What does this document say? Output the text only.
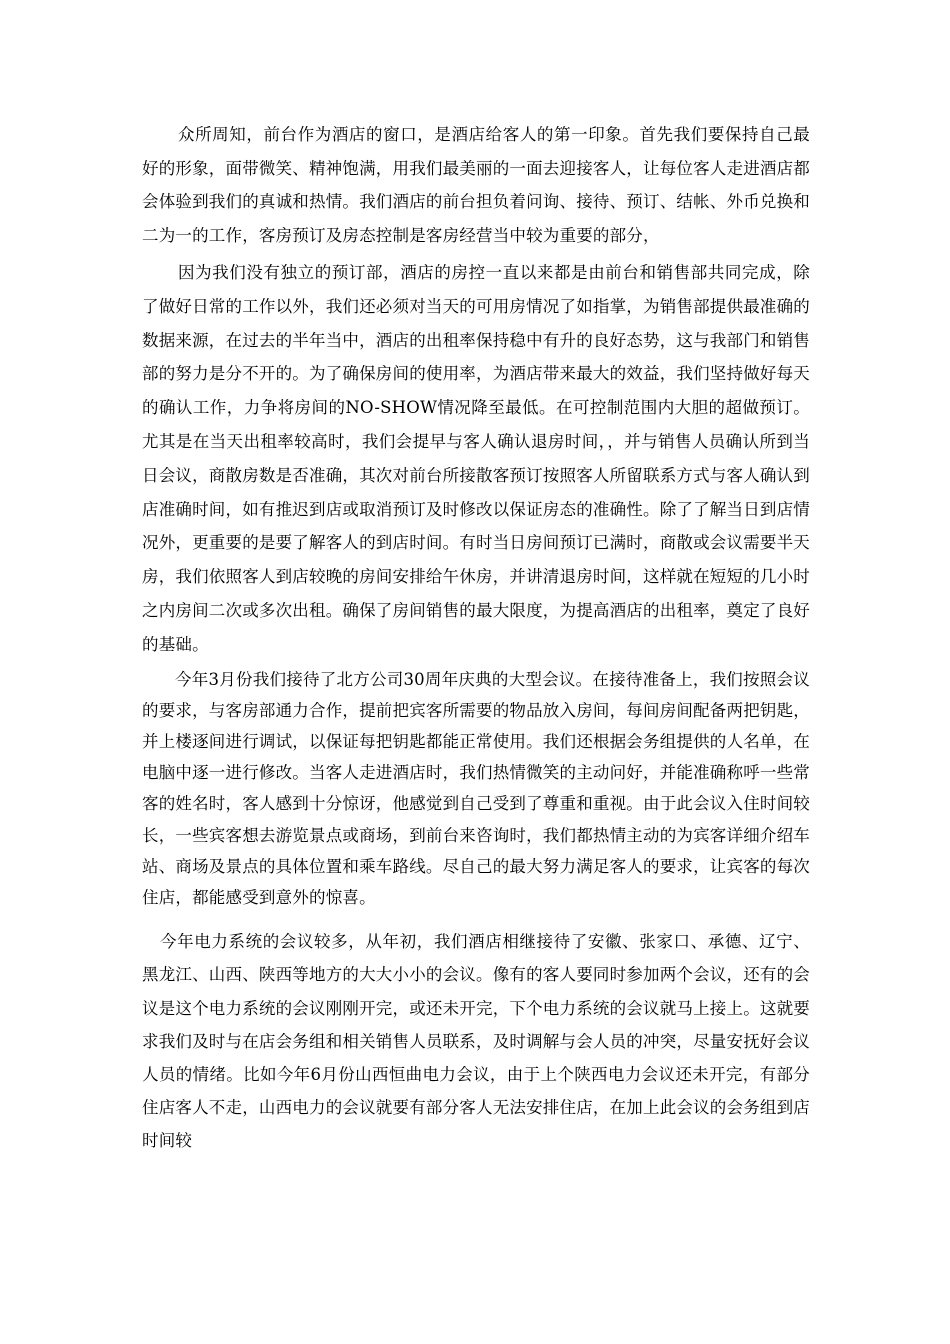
众所周知，前台作为酒店的窗口，是酒店给客人的第一印象。首先我们要保持自己最好的形象，面带微笑、精神饱满，用我们最美丽的一面去迎接客人，让每位客人走进酒店都会体验到我们的真诚和热情。我们酒店的前台担负着问询、接待、预订、结帐、外币兑换和二为一的工作，客房预订及房态控制是客房经营当中较为重要的部分，

因为我们没有独立的预订部，酒店的房控一直以来都是由前台和销售部共同完成，除了做好日常的工作以外，我们还必须对当天的可用房情况了如指掌，为销售部提供最准确的数据来源，在过去的半年当中，酒店的出租率保持稳中有升的良好态势，这与我部门和销售部的努力是分不开的。为了确保房间的使用率，为酒店带来最大的效益，我们坚持做好每天的确认工作，力争将房间的NO-SHOW情况降至最低。在可控制范围内大胆的超做预订。尤其是在当天出租率较高时，我们会提早与客人确认退房时间，，并与销售人员确认所到当日会议，商散房数是否准确，其次对前台所接散客预订按照客人所留联系方式与客人确认到店准确时间，如有推迟到店或取消预订及时修改以保证房态的准确性。除了了解当日到店情况外，更重要的是要了解客人的到店时间。有时当日房间预订已满时，商散或会议需要半天房，我们依照客人到店较晚的房间安排给午休房，并讲清退房时间，这样就在短短的几小时之内房间二次或多次出租。确保了房间销售的最大限度，为提高酒店的出租率，奠定了良好的基础。

今年3月份我们接待了北方公司30周年庆典的大型会议。在接待准备上，我们按照会议的要求，与客房部通力合作，提前把宾客所需要的物品放入房间，每间房间配备两把钥匙，并上楼逐间进行调试，以保证每把钥匙都能正常使用。我们还根据会务组提供的人名单，在电脑中逐一进行修改。当客人走进酒店时，我们热情微笑的主动问好，并能准确称呼一些常客的姓名时，客人感到十分惊讶，他感觉到自己受到了尊重和重视。由于此会议入住时间较长，一些宾客想去游览景点或商场，到前台来咨询时，我们都热情主动的为宾客详细介绍车站、商场及景点的具体位置和乘车路线。尽自己的最大努力满足客人的要求，让宾客的每次住店，都能感受到意外的惊喜。

今年电力系统的会议较多，从年初，我们酒店相继接待了安徽、张家口、承德、辽宁、黑龙江、山西、陕西等地方的大大小小的会议。像有的客人要同时参加两个会议，还有的会议是这个电力系统的会议刚刚开完，或还未开完，下个电力系统的会议就马上接上。这就要求我们及时与在店会务组和相关销售人员联系，及时调解与会人员的冲突，尽量安抚好会议人员的情绪。比如今年6月份山西恒曲电力会议，由于上个陕西电力会议还未开完，有部分住店客人不走，山西电力的会议就要有部分客人无法安排住店，在加上此会议的会务组到店时间较
